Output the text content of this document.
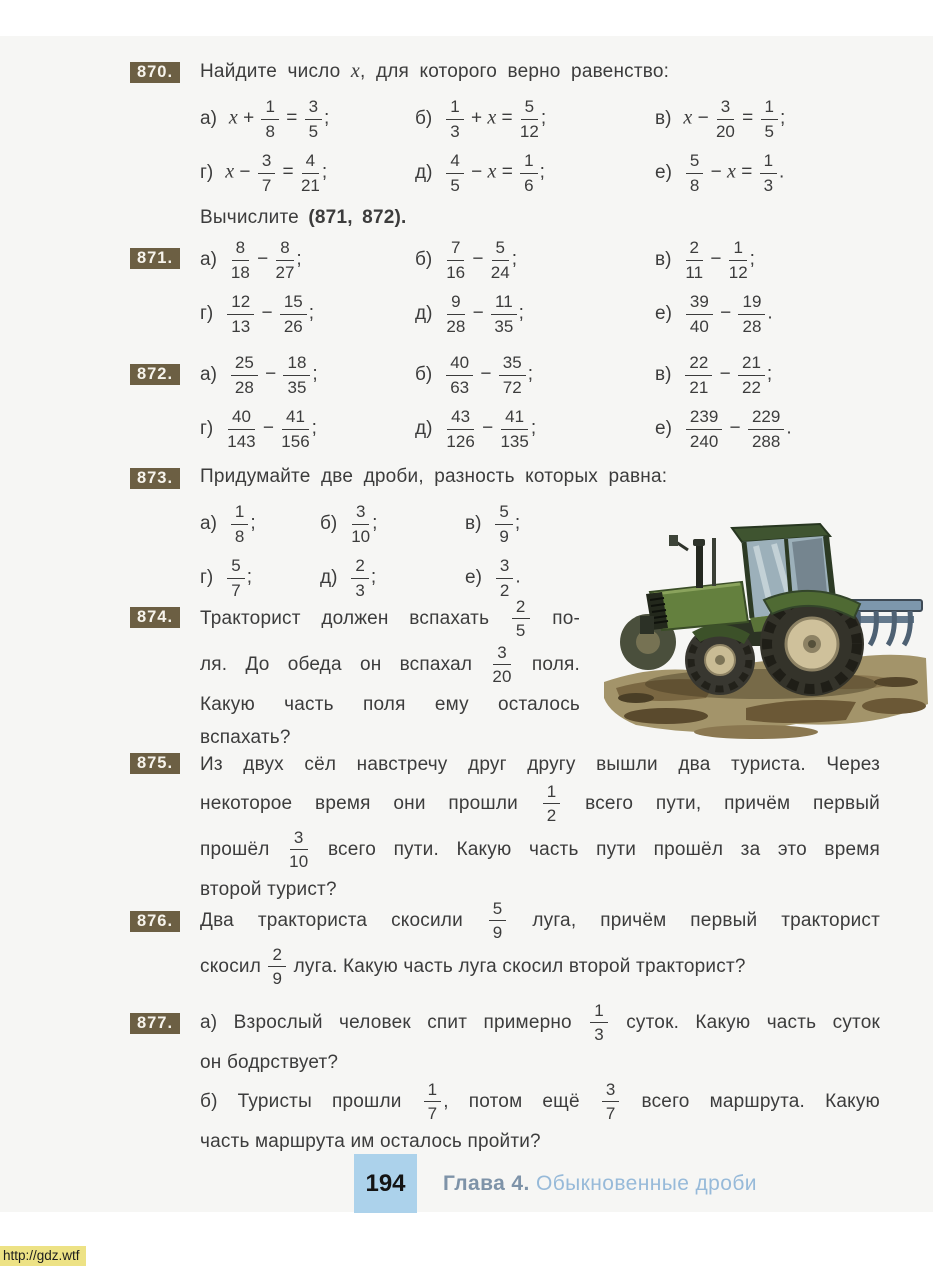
870.	Найдите число x, для которого верно равенство:
а) $x + \frac{1}{8} = \frac{3}{5}$ ;	$б) \frac{1}{3} + x = \frac{5}{12}$ ;	в) $x - \frac{3}{20} = \frac{1}{5}$ ;
г) $x - \frac{3}{7} = \frac{4}{21}$ ;	$д) \frac{4}{5} - x = \frac{1}{6}$ ;	$е) \frac{5}{8} - x = \frac{1}{3}$ .
Вычислите (871, 872).
871.	$а) \frac{8}{18} - \frac{8}{27}$ ;	$б) \frac{7}{16} - \frac{5}{24}$ ;	$в) \frac{2}{11} - \frac{1}{12}$ ;
$г) \frac{12}{13} - \frac{15}{26}$ ;	$д) \frac{9}{28} - \frac{11}{35}$ ;	$е) \frac{39}{40} - \frac{19}{28}$ .
872.	$а) \frac{25}{28} - \frac{18}{35}$ ;	$б) \frac{40}{63} - \frac{35}{72}$ ;	$в) \frac{22}{21} - \frac{21}{22}$ ;
$г) \frac{40}{143} - \frac{41}{156}$ ;	$д) \frac{43}{126} - \frac{41}{135}$ ;	$е) \frac{239}{240} - \frac{229}{288}$ .
873.	Придумайте две дроби, разность которых равна:
$а) \frac{1}{8}$ ;	$б) \frac{3}{10}$ ;	$в) \frac{5}{9}$ ;
$г) \frac{5}{7}$ ;	$д) \frac{2}{3}$ ;	$е) \frac{3}{2}$ .
874.	Тракторист должен вспахать $\frac{2}{5} по-$
ля. До обеда он вспахал $\frac{3}{20}$ поля.
Какую часть поля ему осталось
вспахать?
875.	Из двух сёл навстречу друг другу вышли два туриста. Через
некоторое время они прошли $\frac{1}{2}$ всего пути, причём первый
прошёл $\frac{3}{10}$ всего пути. Какую часть пути прошёл за это время
второй турист?
876.	Два тракториста скосили $\frac{5}{9}$ луга, причём первый тракторист
скосил $\frac{2}{9}$ луга. Какую часть луга скосил второй тракторист?
877.	а) Взрослый человек спит примерно $\frac{1}{3}$ суток. Какую часть суток
он бодрствует?
б) Туристы прошли $\frac{1}{7}$ , потом ещё $\frac{3}{7}$ всего маршрута. Какую
часть маршрута им осталось пройти?
194	Глава 4. Обыкновенные дроби
http://gdz.wtf
